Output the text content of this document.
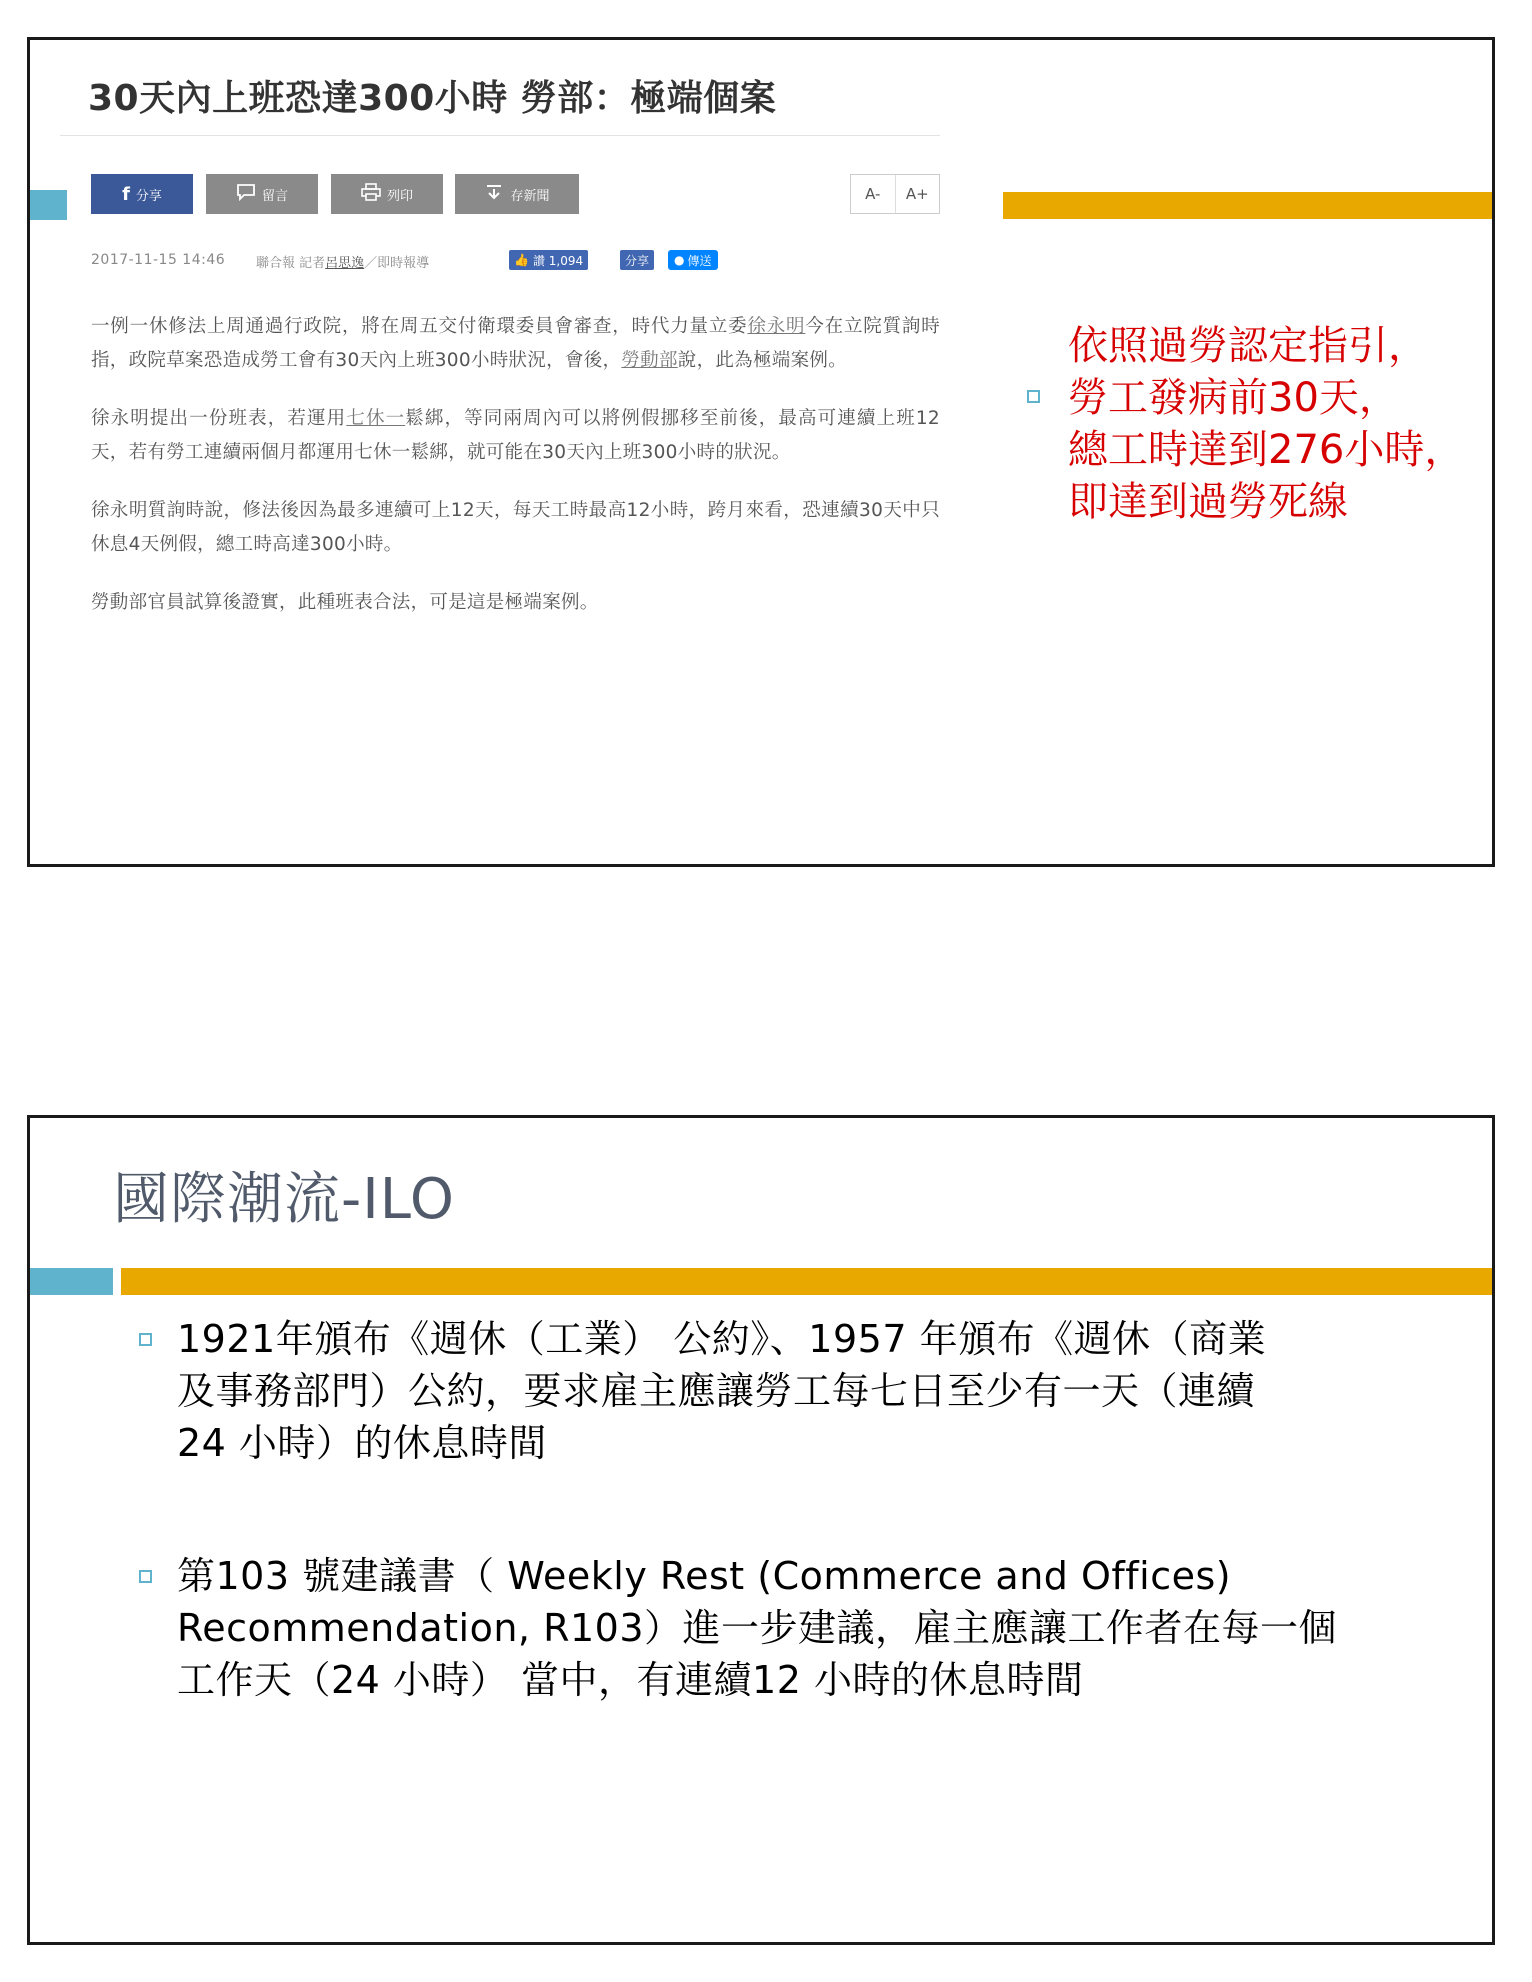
30天內上班恐達300小時 勞部：極端個案
f 分享	留言	列印	存新聞	A-	A+
2017-11-15 14:46 聯合報 記者呂思逸／即時報導	👍 讚 1,094	分享	● 傳送

一例一休修法上周通過行政院，將在周五交付衛環委員會審查，時代力量立委徐永明今在立院質詢時指，政院草案恐造成勞工會有30天內上班300小時狀況，會後，勞動部說，此為極端案例。

徐永明提出一份班表，若運用七休一鬆綁，等同兩周內可以將例假挪移至前後，最高可連續上班12天，若有勞工連續兩個月都運用七休一鬆綁，就可能在30天內上班300小時的狀況。

徐永明質詢時說，修法後因為最多連續可上12天，每天工時最高12小時，跨月來看，恐連續30天中只休息4天例假，總工時高達300小時。

勞動部官員試算後證實，此種班表合法，可是這是極端案例。

依照過勞認定指引，
勞工發病前30天，
總工時達到276小時，
即達到過勞死線
國際潮流-ILO
1921年頒布《週休（工業） 公約》、1957 年頒布《週休（商業
及事務部門）公約，要求雇主應讓勞工每七日至少有一天（連續
24 小時）的休息時間
第103 號建議書（ Weekly Rest (Commerce and Offices)
Recommendation, R103）進一步建議，雇主應讓工作者在每一個
工作天（24 小時） 當中，有連續12 小時的休息時間
